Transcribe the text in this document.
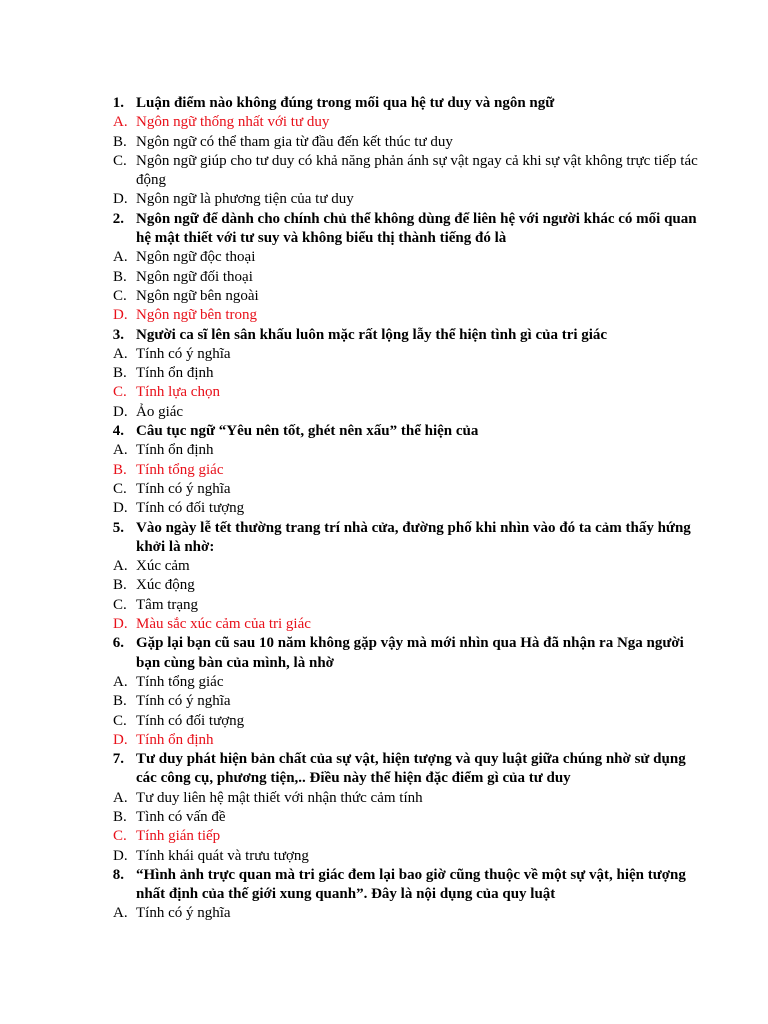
1. Luận điểm nào không đúng trong mối qua hệ tư duy và ngôn ngữ
A. Ngôn ngữ thống nhất với tư duy
B. Ngôn ngữ có thể tham gia từ đầu đến kết thúc tư duy
C. Ngôn ngữ giúp cho tư duy có khả năng phản ánh sự vật ngay cả khi sự vật không trực tiếp tác động
D. Ngôn ngữ là phương tiện của tư duy
2. Ngôn ngữ để dành cho chính chủ thể không dùng để liên hệ với người khác có mối quan hệ mật thiết với tư suy và không biểu thị thành tiếng đó là
A. Ngôn ngữ độc thoại
B. Ngôn ngữ đối thoại
C. Ngôn ngữ bên ngoài
D. Ngôn ngữ bên trong
3. Người ca sĩ lên sân khấu luôn mặc rất lộng lẫy thể hiện tình gì của tri giác
A. Tính có ý nghĩa
B. Tính ổn định
C. Tính lựa chọn
D. Ảo giác
4. Câu tục ngữ “Yêu nên tốt, ghét nên xấu” thể hiện của
A. Tính ổn định
B. Tính tổng giác
C. Tính có ý nghĩa
D. Tính có đối tượng
5. Vào ngày lễ tết thường trang trí nhà cửa, đường phố khi nhìn vào đó ta cảm thấy hứng khởi là nhờ:
A. Xúc cảm
B. Xúc động
C. Tâm trạng
D. Màu sắc xúc cảm của tri giác
6. Gặp lại bạn cũ sau 10 năm không gặp vậy mà mới nhìn qua Hà đã nhận ra Nga người bạn cùng bàn của mình, là nhờ
A. Tính tổng giác
B. Tính có ý nghĩa
C. Tính có đối tượng
D. Tính ổn định
7. Tư duy phát hiện bản chất của sự vật, hiện tượng và quy luật giữa chúng nhờ sử dụng các công cụ, phương tiện,.. Điều này thể hiện đặc điểm gì của tư duy
A. Tư duy liên hệ mật thiết với nhận thức cảm tính
B. Tình có vấn đề
C. Tính gián tiếp
D. Tính khái quát và trưu tượng
8. “Hình ảnh trực quan mà tri giác đem lại bao giờ cũng thuộc về một sự vật, hiện tượng nhất định của thế giới xung quanh”. Đây là nội dụng của quy luật
A. Tính có ý nghĩa
